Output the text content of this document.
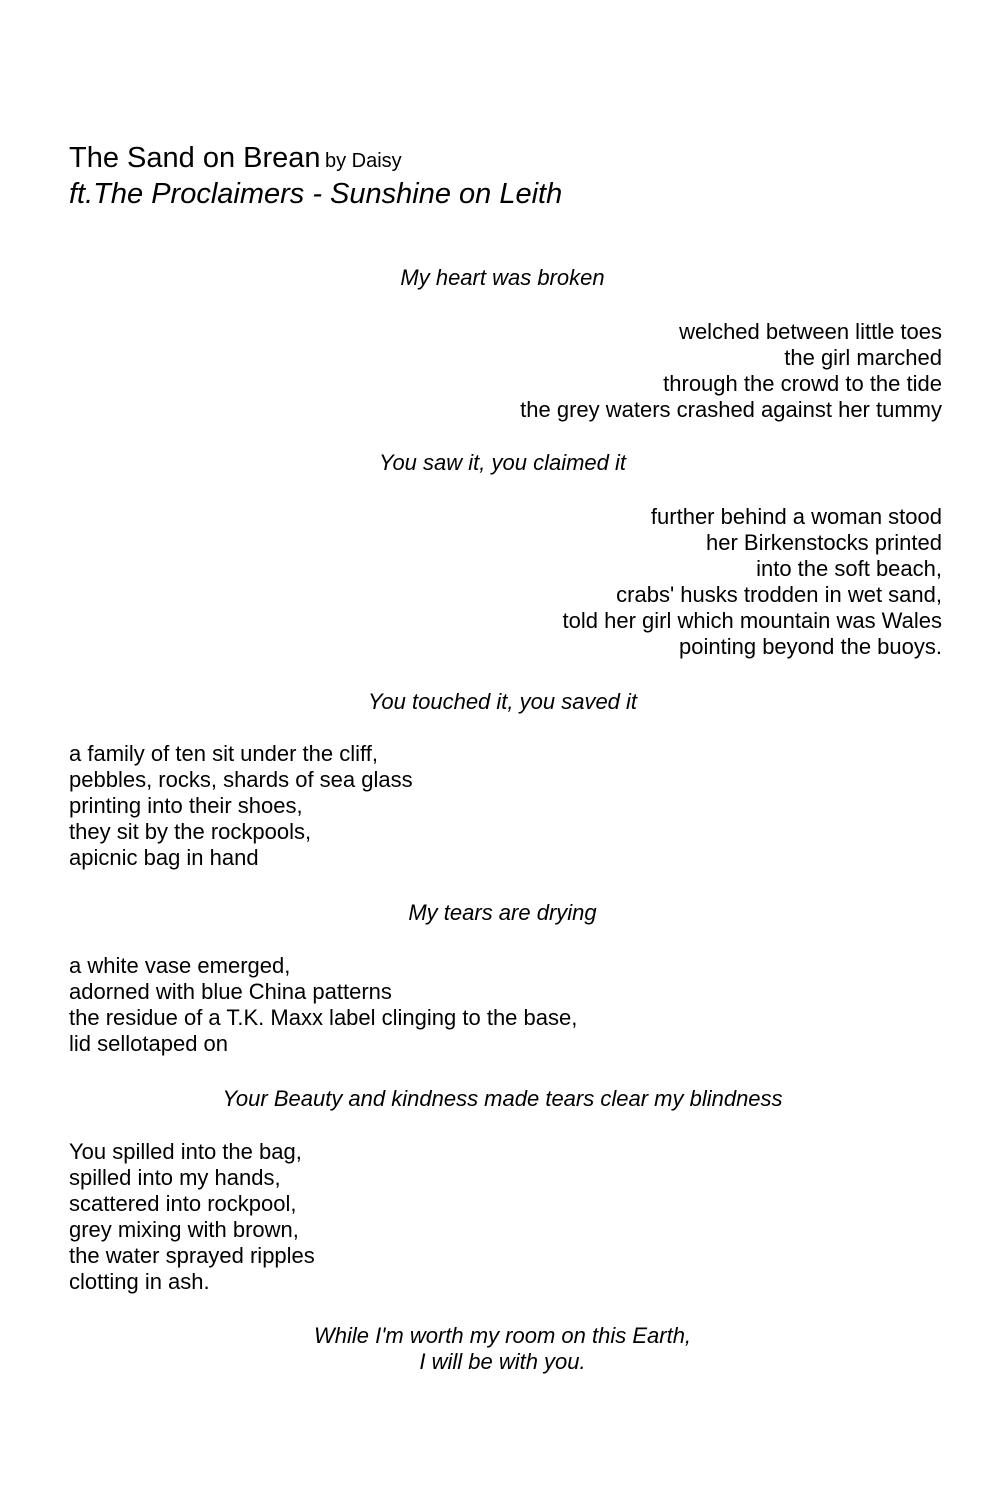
The Sand on Brean by Daisy
ft.The Proclaimers - Sunshine on Leith
My heart was broken
welched between little toes
the girl marched
through the crowd to the tide
the grey waters crashed against her tummy
You saw it, you claimed it
further behind a woman stood
her Birkenstocks printed
into the soft beach,
crabs' husks trodden in wet sand,
told her girl which mountain was Wales
pointing beyond the buoys.
You touched it, you saved it
a family of ten sit under the cliff,
pebbles, rocks, shards of sea glass
printing into their shoes,
they sit by the rockpools,
apicnic bag in hand
My tears are drying
a white vase emerged,
adorned with blue China patterns
the residue of a T.K. Maxx label clinging to the base,
lid sellotaped on
Your Beauty and kindness made tears clear my blindness
You spilled into the bag,
spilled into my hands,
scattered into rockpool,
grey mixing with brown,
the water sprayed ripples
clotting in ash.
While I'm worth my room on this Earth,
I will be with you.
